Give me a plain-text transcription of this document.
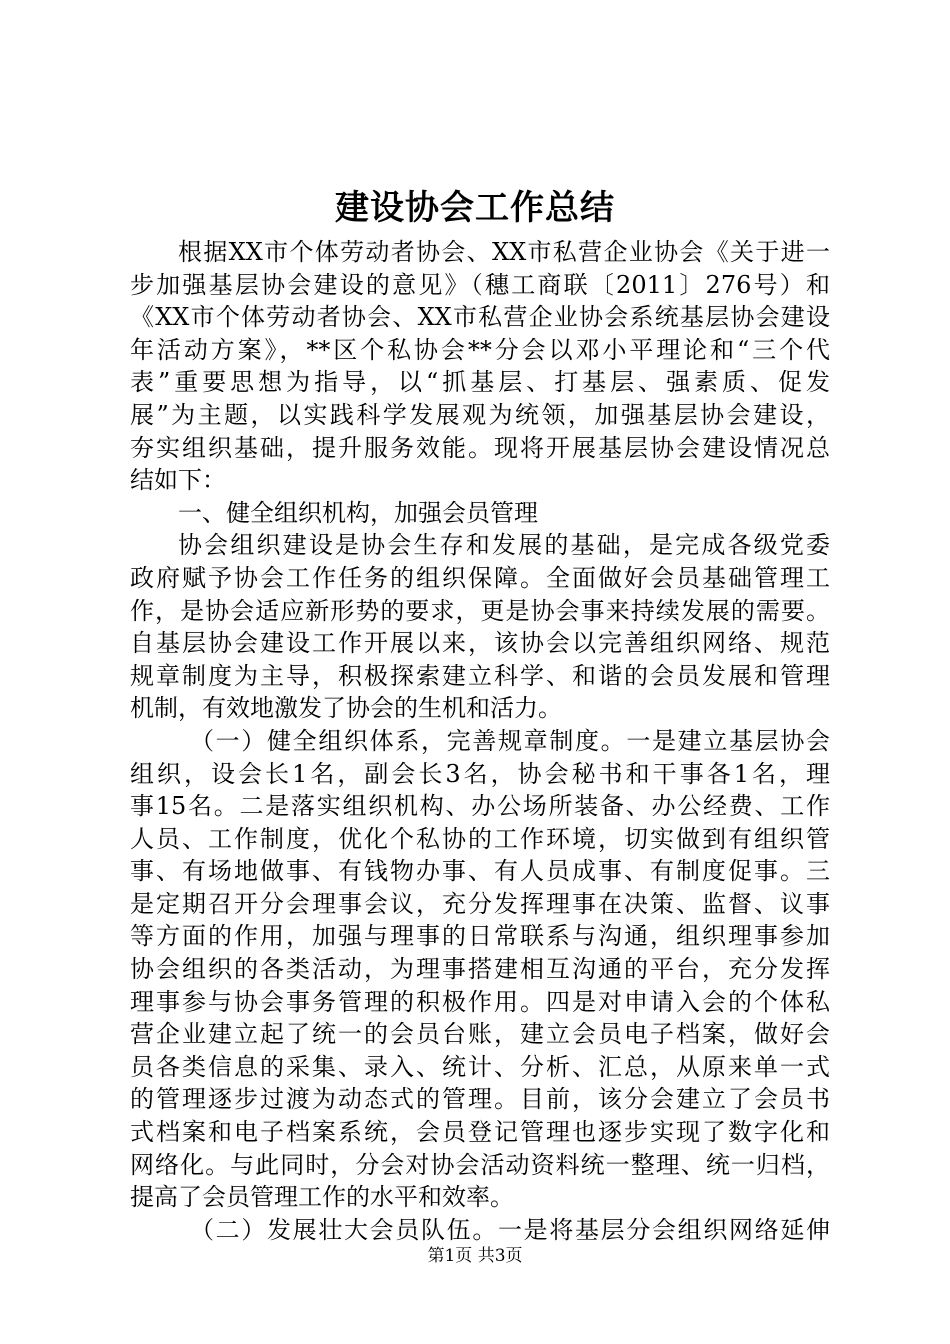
建设协会工作总结
根据XX市个体劳动者协会、XX市私营企业协会《关于进一
步加强基层协会建设的意见》（穗工商联〔2011〕276号）和
《XX市个体劳动者协会、XX市私营企业协会系统基层协会建设
年活动方案》，**区个私协会**分会以邓小平理论和“三个代
表”重要思想为指导，以“抓基层、打基层、强素质、促发
展”为主题，以实践科学发展观为统领，加强基层协会建设，
夯实组织基础，提升服务效能。现将开展基层协会建设情况总
结如下：
一、健全组织机构，加强会员管理
协会组织建设是协会生存和发展的基础，是完成各级党委
政府赋予协会工作任务的组织保障。全面做好会员基础管理工
作，是协会适应新形势的要求，更是协会事来持续发展的需要。
自基层协会建设工作开展以来，该协会以完善组织网络、规范
规章制度为主导，积极探索建立科学、和谐的会员发展和管理
机制，有效地激发了协会的生机和活力。
（一）健全组织体系，完善规章制度。一是建立基层协会
组织，设会长1名，副会长3名，协会秘书和干事各1名，理
事15名。二是落实组织机构、办公场所装备、办公经费、工作
人员、工作制度，优化个私协的工作环境，切实做到有组织管
事、有场地做事、有钱物办事、有人员成事、有制度促事。三
是定期召开分会理事会议，充分发挥理事在决策、监督、议事
等方面的作用，加强与理事的日常联系与沟通，组织理事参加
协会组织的各类活动，为理事搭建相互沟通的平台，充分发挥
理事参与协会事务管理的积极作用。四是对申请入会的个体私
营企业建立起了统一的会员台账，建立会员电子档案，做好会
员各类信息的采集、录入、统计、分析、汇总，从原来单一式
的管理逐步过渡为动态式的管理。目前，该分会建立了会员书
式档案和电子档案系统，会员登记管理也逐步实现了数字化和
网络化。与此同时，分会对协会活动资料统一整理、统一归档，
提高了会员管理工作的水平和效率。
（二）发展壮大会员队伍。一是将基层分会组织网络延伸
第1页 共3页
